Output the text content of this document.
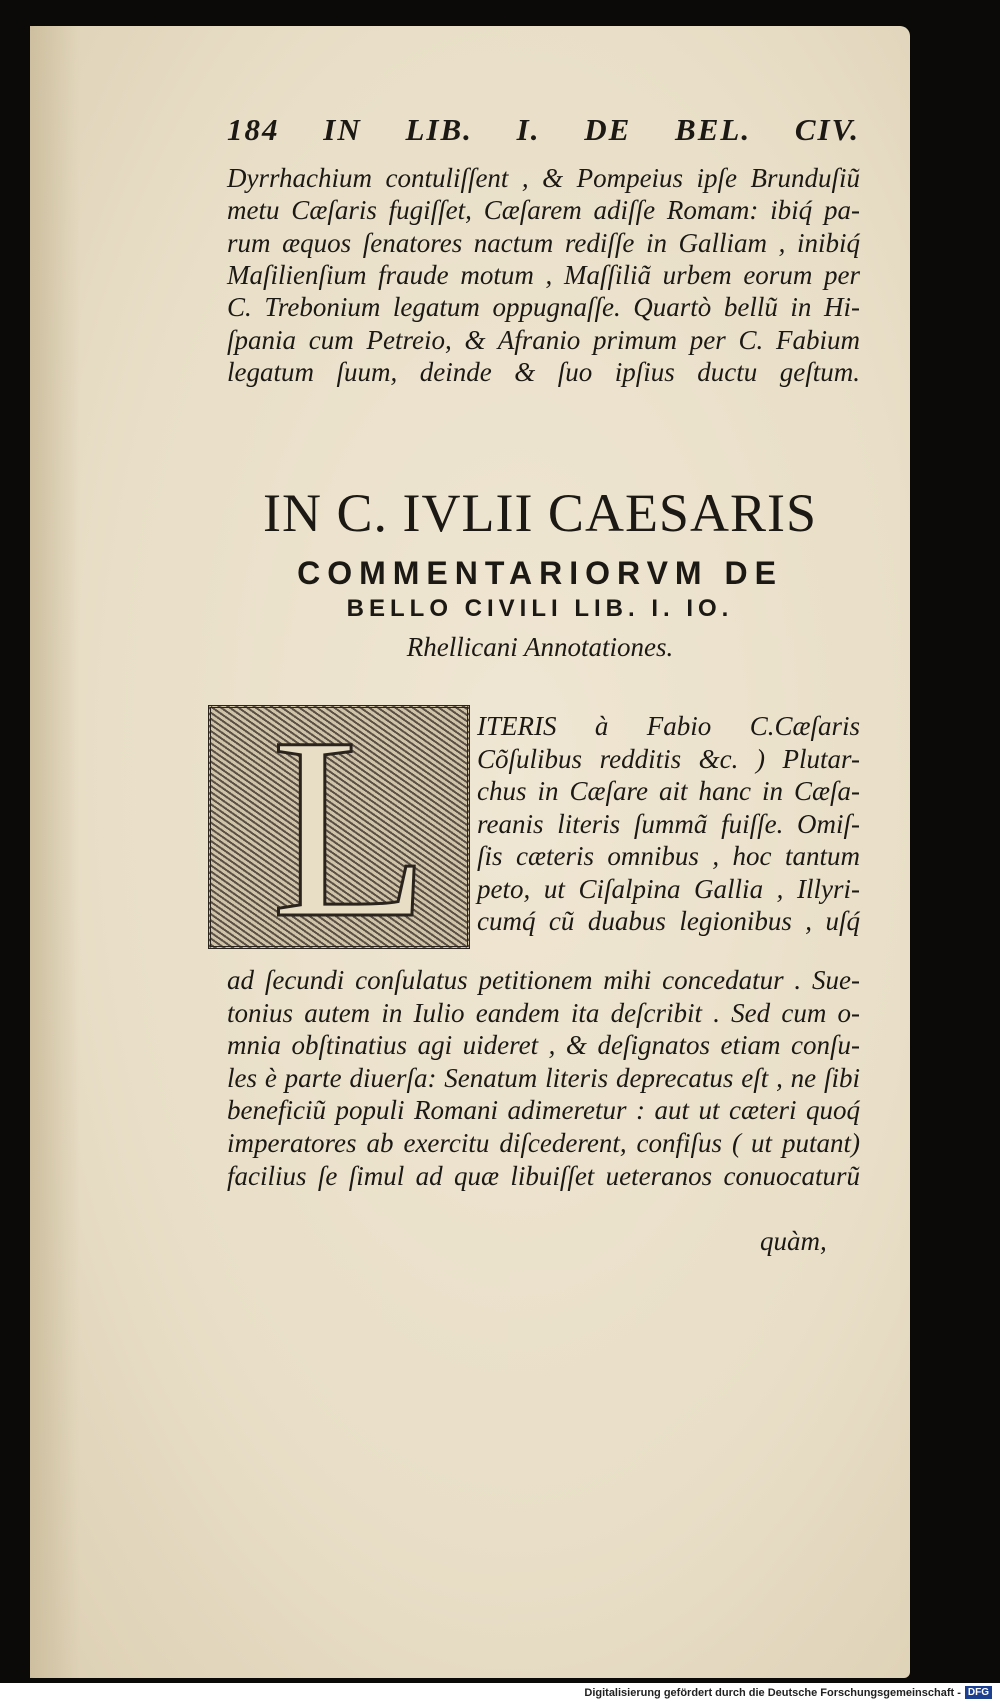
184 IN LIB. I. DE BEL. CIV.
Dyrrhachium contuliſſent , & Pompeius ipſe Brunduſiũ
metu Cæſaris fugiſſet, Cæſarem adiſſe Romam: ibiq́ pa-
rum æquos ſenatores nactum rediſſe in Galliam , inibiq́
Maſilienſium fraude motum , Maſſiliã urbem eorum per
C. Trebonium legatum oppugnaſſe. Quartò bellũ in Hi-
ſpania cum Petreio, & Afranio primum per C. Fabium
legatum ſuum, deinde & ſuo ipſius ductu geſtum.
IN C. IVLII CAESARIS
COMMENTARIORVM DE
BELLO CIVILI LIB. I. IO.
Rhellicani Annotationes.
L ITERIS à Fabio C.Cæſaris
Cõſulibus redditis &c. ) Plutar-
chus in Cæſare ait hanc in Cæſa-
reanis literis ſummã fuiſſe. Omiſ-
ſis cæteris omnibus , hoc tantum
peto, ut Ciſalpina Gallia , Illyri-
cumq́ cũ duabus legionibus , uſq́
ad ſecundi conſulatus petitionem mihi concedatur . Sue-
tonius autem in Iulio eandem ita deſcribit . Sed cum o-
mnia obſtinatius agi uideret , & deſignatos etiam conſu-
les è parte diuerſa: Senatum literis deprecatus eſt , ne ſibi
beneficiũ populi Romani adimeretur : aut ut cæteri quoq́
imperatores ab exercitu diſcederent, confiſus ( ut putant)
facilius ſe ſimul ad quæ libuiſſet ueteranos conuocaturũ
quàm,
Digitalisierung gefördert durch die Deutsche Forschungsgemeinschaft - DFG
